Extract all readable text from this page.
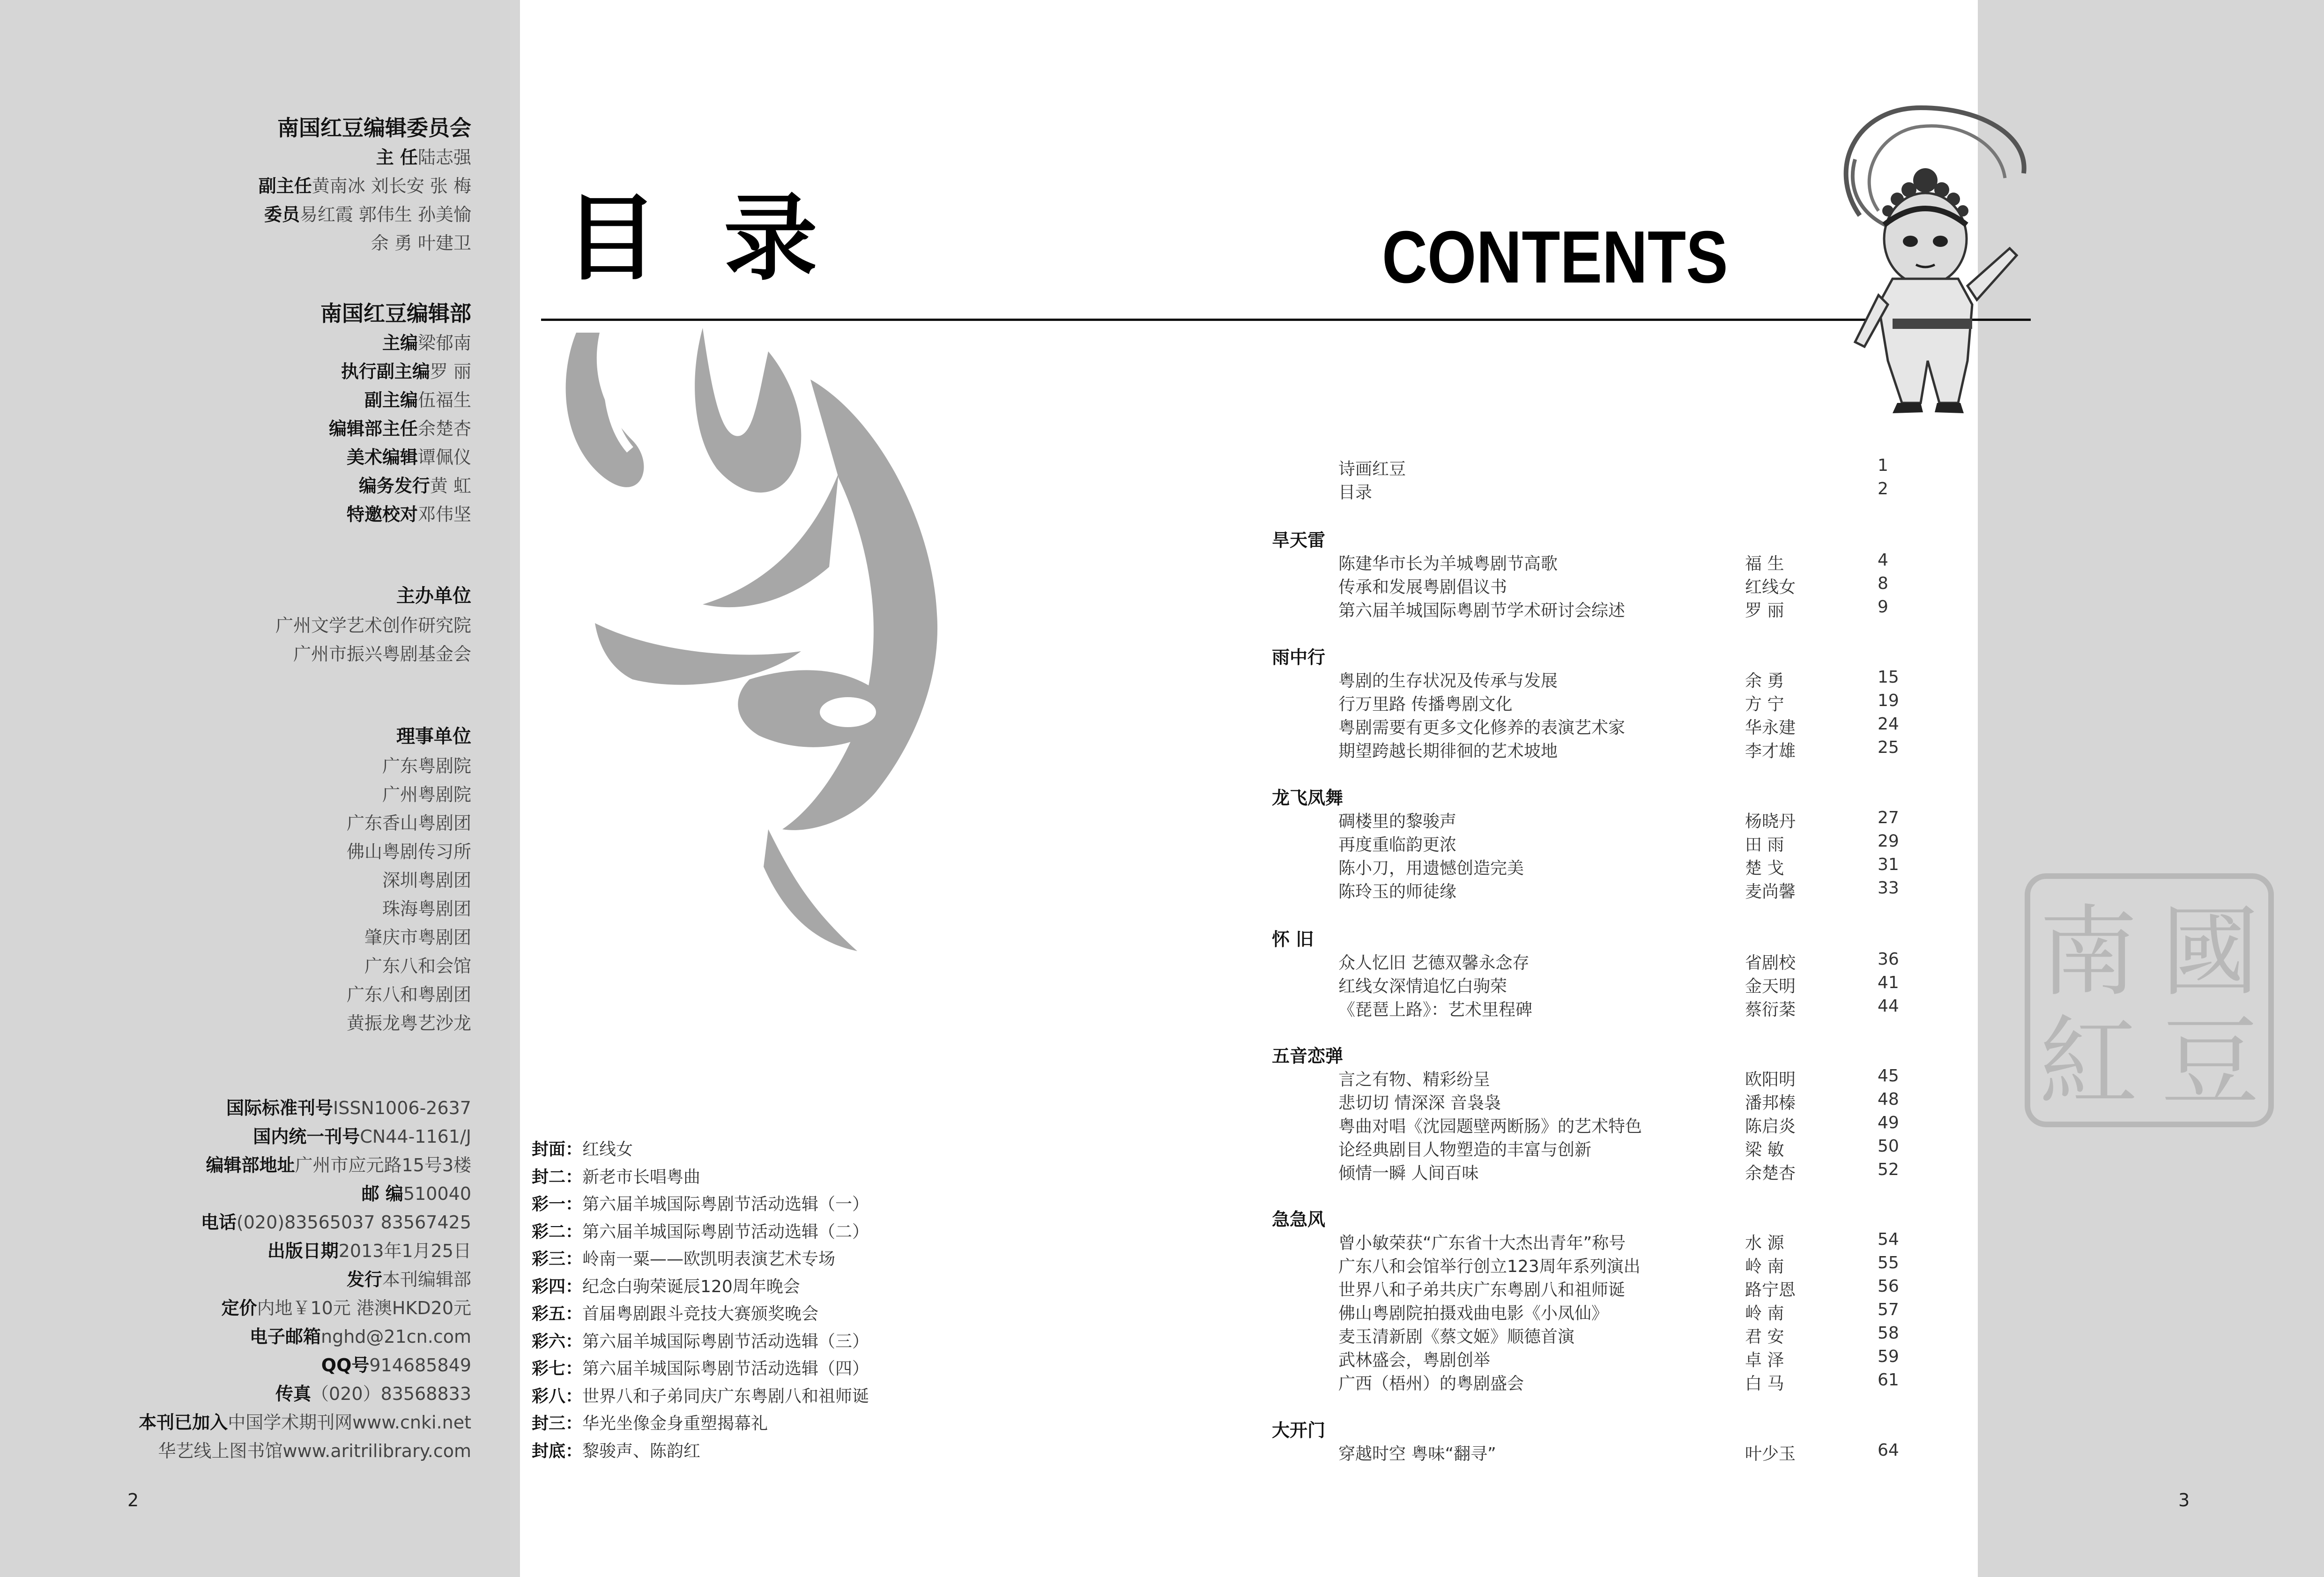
南国红豆编辑委员会
主 任陆志强
副主任黄南冰 刘长安 张 梅
委员易红霞 郭伟生 孙美愉
余 勇 叶建卫
南国红豆编辑部
主编梁郁南
执行副主编罗 丽
副主编伍福生
编辑部主任余楚杏
美术编辑谭佩仪
编务发行黄 虹
特邀校对邓伟坚
主办单位
广州文学艺术创作研究院
广州市振兴粤剧基金会
理事单位
广东粤剧院
广州粤剧院
广东香山粤剧团
佛山粤剧传习所
深圳粤剧团
珠海粤剧团
肇庆市粤剧团
广东八和会馆
广东八和粤剧团
黄振龙粤艺沙龙
国际标准刊号ISSN1006-2637
国内统一刊号CN44-1161/J
编辑部地址广州市应元路15号3楼
邮 编510040
电话(020)83565037 83567425
出版日期2013年1月25日
发行本刊编辑部
定价内地￥10元 港澳HKD20元
电子邮箱nghd@21cn.com
QQ号914685849
传真（020）83568833
本刊已加入中国学术期刊网www.cnki.net
华艺线上图书馆www.aritrilibrary.com
2	3
目录	CONTENTS
封面：红线女
封二：新老市长唱粤曲
彩一：第六届羊城国际粤剧节活动选辑（一）
彩二：第六届羊城国际粤剧节活动选辑（二）
彩三：岭南一粟——欧凯明表演艺术专场
彩四：纪念白驹荣诞辰120周年晚会
彩五：首届粤剧跟斗竞技大赛颁奖晚会
彩六：第六届羊城国际粤剧节活动选辑（三）
彩七：第六届羊城国际粤剧节活动选辑（四）
彩八：世界八和子弟同庆广东粤剧八和祖师诞
封三：华光坐像金身重塑揭幕礼
封底：黎骏声、陈韵红
诗画红豆	1
目录	2
旱天雷
陈建华市长为羊城粤剧节高歌	福 生	4
传承和发展粤剧倡议书	红线女	8
第六届羊城国际粤剧节学术研讨会综述	罗 丽	9
雨中行
粤剧的生存状况及传承与发展	余 勇	15
行万里路 传播粤剧文化	方 宁	19
粤剧需要有更多文化修养的表演艺术家	华永建	24
期望跨越长期徘徊的艺术坡地	李才雄	25
龙飞凤舞
碉楼里的黎骏声	杨晓丹	27
再度重临韵更浓	田 雨	29
陈小刀，用遗憾创造完美	楚 戈	31
陈玲玉的师徒缘	麦尚馨	33
怀 旧
众人忆旧 艺德双馨永念存	省剧校	36
红线女深情追忆白驹荣	金天明	41
《琵琶上路》：艺术里程碑	蔡衍棻	44
五音恋弹
言之有物、精彩纷呈	欧阳明	45
悲切切 情深深 音袅袅	潘邦榛	48
粤曲对唱《沈园题壁两断肠》的艺术特色	陈启炎	49
论经典剧目人物塑造的丰富与创新	梁 敏	50
倾情一瞬 人间百味	余楚杏	52
急急风
曾小敏荣获“广东省十大杰出青年”称号	水 源	54
广东八和会馆举行创立123周年系列演出	岭 南	55
世界八和子弟共庆广东粤剧八和祖师诞	路宁恩	56
佛山粤剧院拍摄戏曲电影《小凤仙》	岭 南	57
麦玉清新剧《蔡文姬》顺德首演	君 安	58
武林盛会，粤剧创举	卓 泽	59
广西（梧州）的粤剧盛会	白 马	61
大开门
穿越时空 粤味“翻寻”	叶少玉	64
國
豆
南
紅
